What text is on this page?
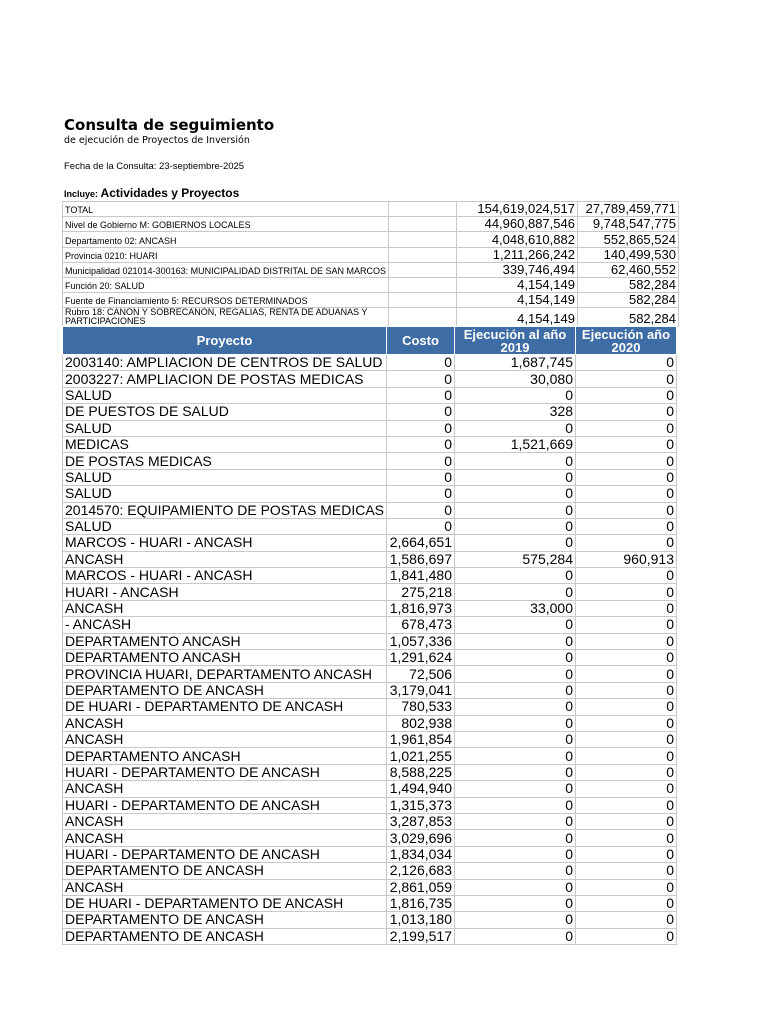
Consulta de seguimiento
de ejecución de Proyectos de Inversión
Fecha de la Consulta: 23-septiembre-2025
Incluye: Actividades y Proyectos
TOTAL		154,619,024,517	27,789,459,771
Nivel de Gobierno M: GOBIERNOS LOCALES		44,960,887,546	9,748,547,775
Departamento 02: ANCASH		4,048,610,882	552,865,524
Provincia 0210: HUARI		1,211,266,242	140,499,530
Municipalidad 021014-300163: MUNICIPALIDAD DISTRITAL DE SAN MARCOS		339,746,494	62,460,552
Función 20: SALUD		4,154,149	582,284
Fuente de Financiamiento 5: RECURSOS DETERMINADOS		4,154,149	582,284
Rubro 18: CANON Y SOBRECANON, REGALIAS, RENTA DE ADUANAS Y PARTICIPACIONES		4,154,149	582,284
Proyecto	Costo	Ejecución al año 2019	Ejecución año 2020
2003140: AMPLIACION DE CENTROS DE SALUD	0	1,687,745	0
2003227: AMPLIACION DE POSTAS MEDICAS	0	30,080	0
SALUD	0	0	0
DE PUESTOS DE SALUD	0	328	0
SALUD	0	0	0
MEDICAS	0	1,521,669	0
DE POSTAS MEDICAS	0	0	0
SALUD	0	0	0
SALUD	0	0	0
2014570: EQUIPAMIENTO DE POSTAS MEDICAS	0	0	0
SALUD	0	0	0
MARCOS - HUARI - ANCASH	2,664,651	0	0
ANCASH	1,586,697	575,284	960,913
MARCOS - HUARI - ANCASH	1,841,480	0	0
HUARI - ANCASH	275,218	0	0
ANCASH	1,816,973	33,000	0
- ANCASH	678,473	0	0
DEPARTAMENTO ANCASH	1,057,336	0	0
DEPARTAMENTO ANCASH	1,291,624	0	0
PROVINCIA HUARI, DEPARTAMENTO ANCASH	72,506	0	0
DEPARTAMENTO DE ANCASH	3,179,041	0	0
DE HUARI - DEPARTAMENTO DE ANCASH	780,533	0	0
ANCASH	802,938	0	0
ANCASH	1,961,854	0	0
DEPARTAMENTO ANCASH	1,021,255	0	0
HUARI - DEPARTAMENTO DE ANCASH	8,588,225	0	0
ANCASH	1,494,940	0	0
HUARI - DEPARTAMENTO DE ANCASH	1,315,373	0	0
ANCASH	3,287,853	0	0
ANCASH	3,029,696	0	0
HUARI - DEPARTAMENTO DE ANCASH	1,834,034	0	0
DEPARTAMENTO DE ANCASH	2,126,683	0	0
ANCASH	2,861,059	0	0
DE HUARI - DEPARTAMENTO DE ANCASH	1,816,735	0	0
DEPARTAMENTO DE ANCASH	1,013,180	0	0
DEPARTAMENTO DE ANCASH	2,199,517	0	0
